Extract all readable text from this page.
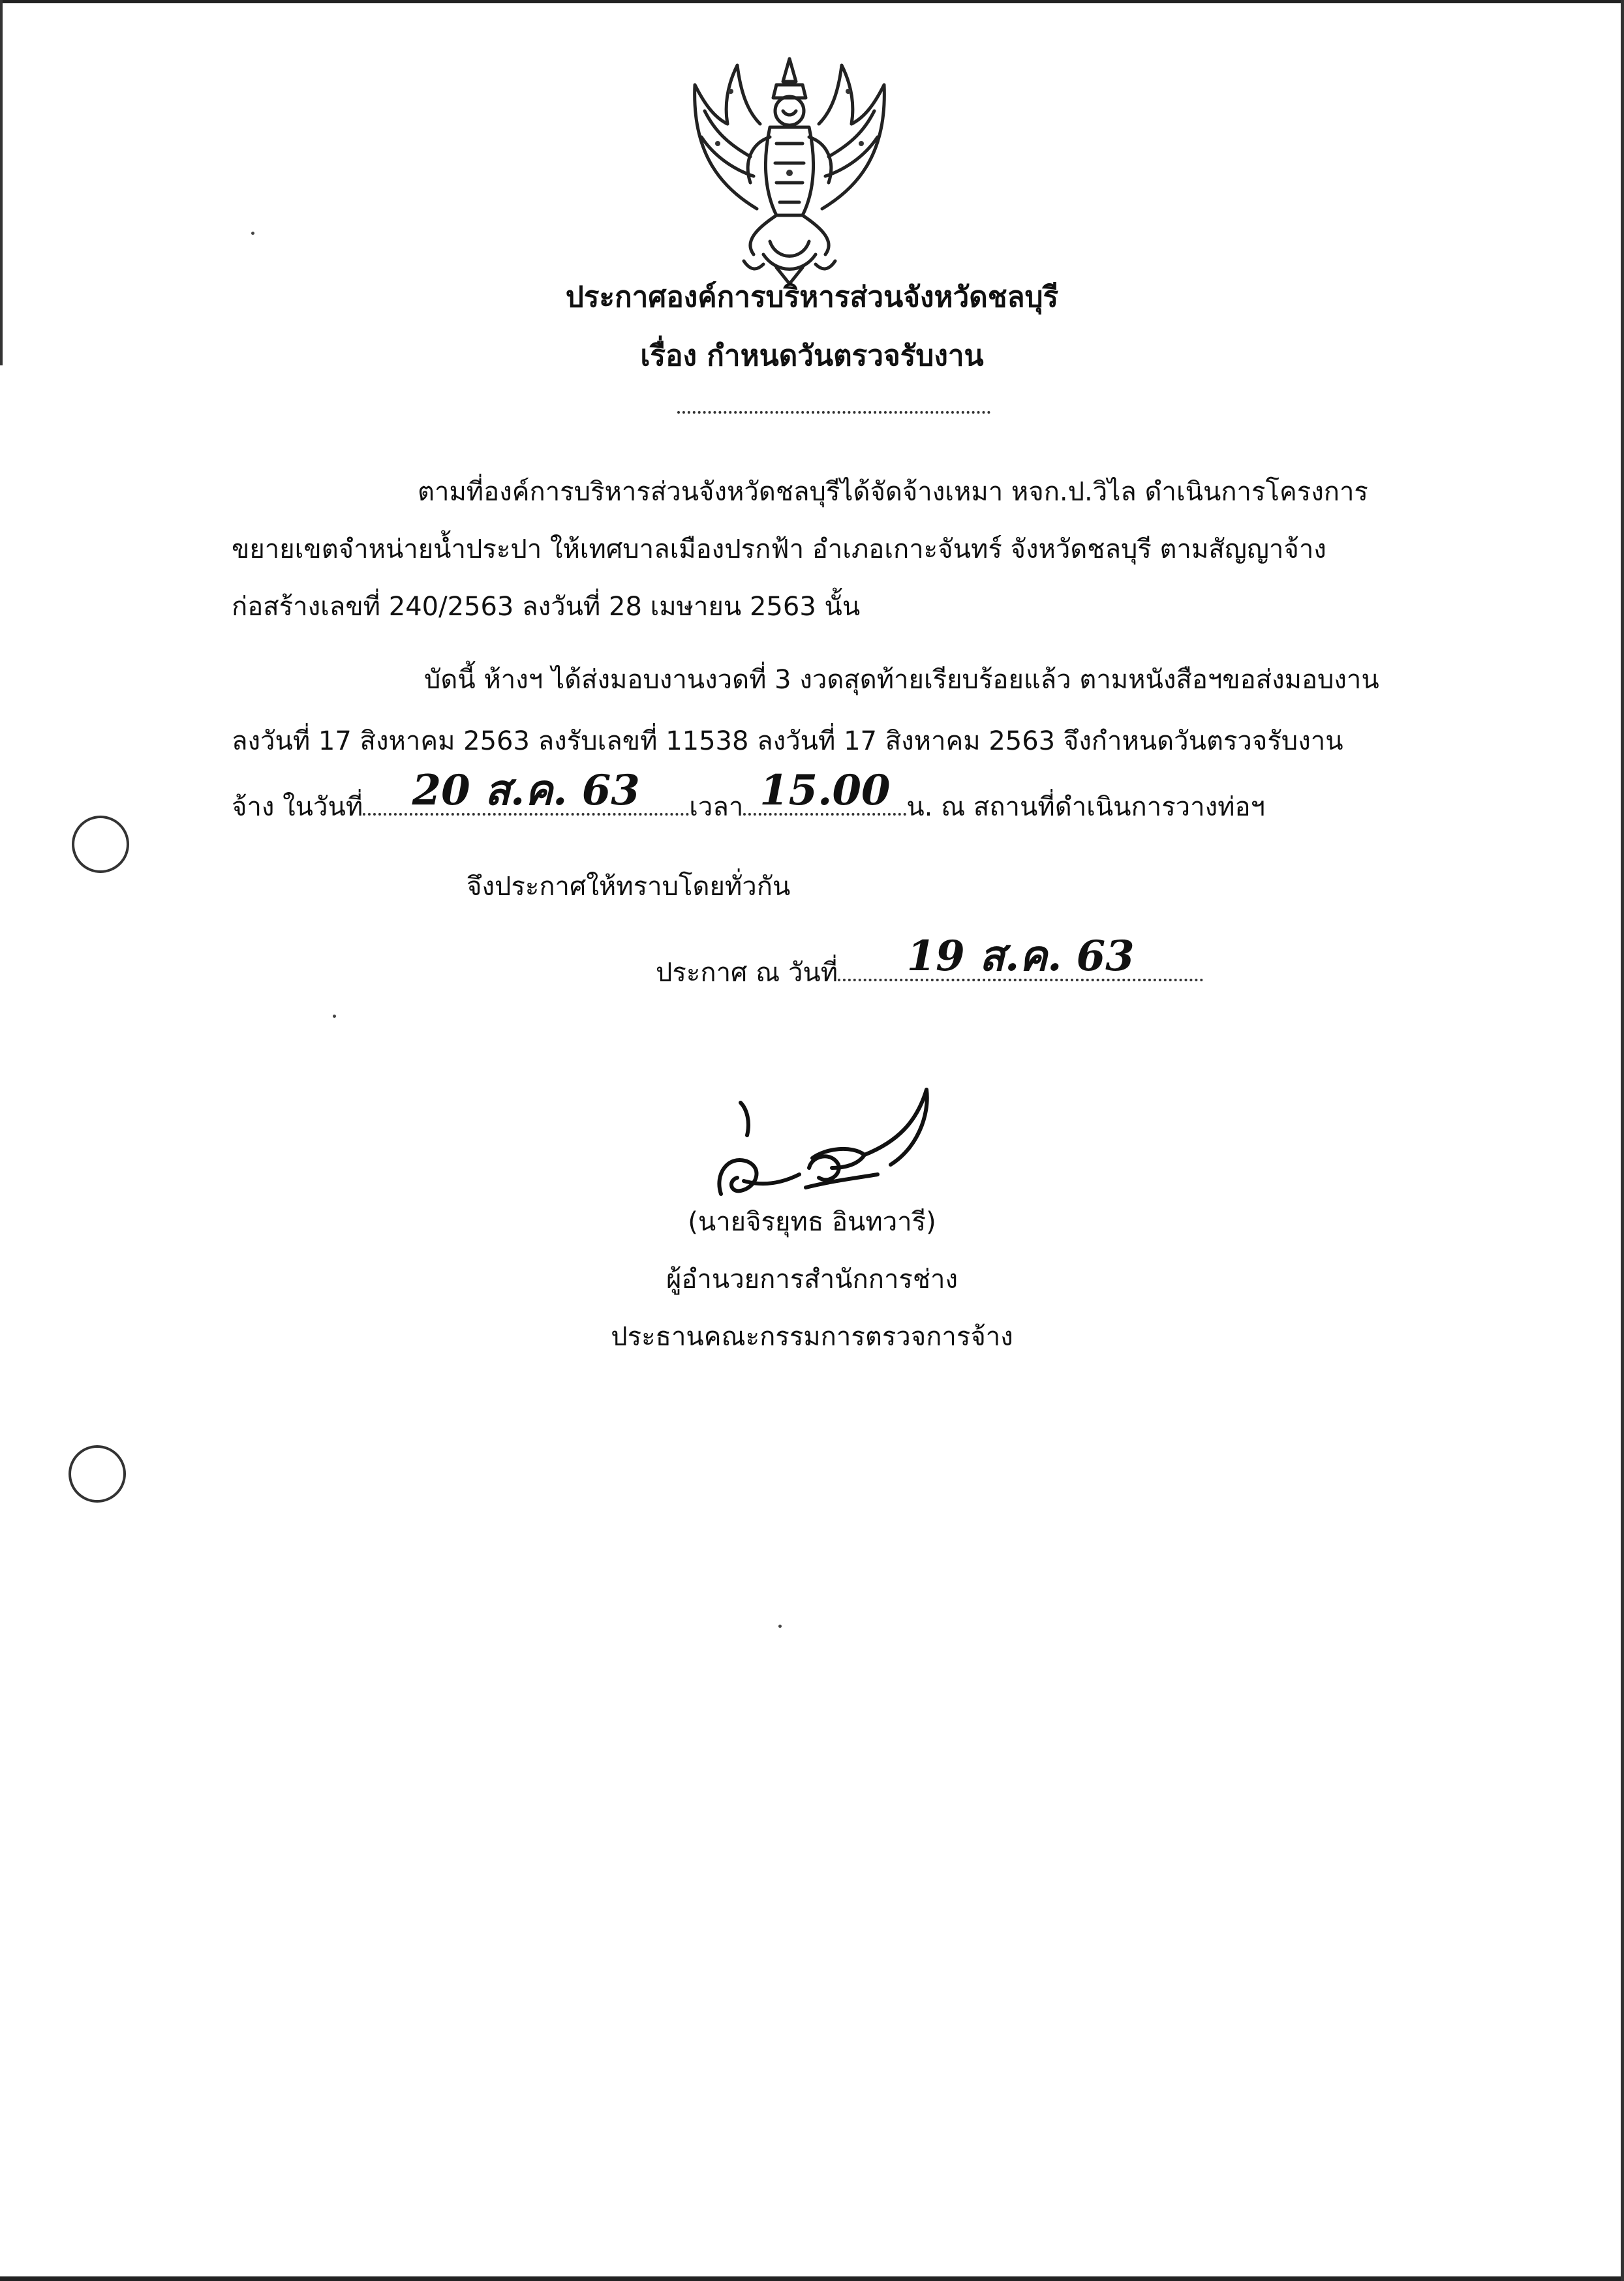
ประกาศองค์การบริหารส่วนจังหวัดชลบุรี
เรื่อง กำหนดวันตรวจรับงาน
ตามที่องค์การบริหารส่วนจังหวัดชลบุรีได้จัดจ้างเหมา หจก.ป.วิไล ดำเนินการโครงการ
ขยายเขตจำหน่ายน้ำประปา ให้เทศบาลเมืองปรกฟ้า อำเภอเกาะจันทร์ จังหวัดชลบุรี ตามสัญญาจ้าง
ก่อสร้างเลขที่ 240/2563 ลงวันที่ 28 เมษายน 2563 นั้น
บัดนี้ ห้างฯ ได้ส่งมอบงานงวดที่ 3 งวดสุดท้ายเรียบร้อยแล้ว ตามหนังสือฯขอส่งมอบงาน
ลงวันที่ 17 สิงหาคม 2563 ลงรับเลขที่ 11538 ลงวันที่ 17 สิงหาคม 2563 จึงกำหนดวันตรวจรับงาน
จ้าง ในวันที่	20 ส.ค. 63	เวลา 15.00 น. ณ สถานที่ดำเนินการวางท่อฯ
จึงประกาศให้ทราบโดยทั่วกัน
ประกาศ ณ วันที่	19 ส.ค. 63
(นายจิรยุทธ อินทวารี)
ผู้อำนวยการสำนักการช่าง
ประธานคณะกรรมการตรวจการจ้าง
